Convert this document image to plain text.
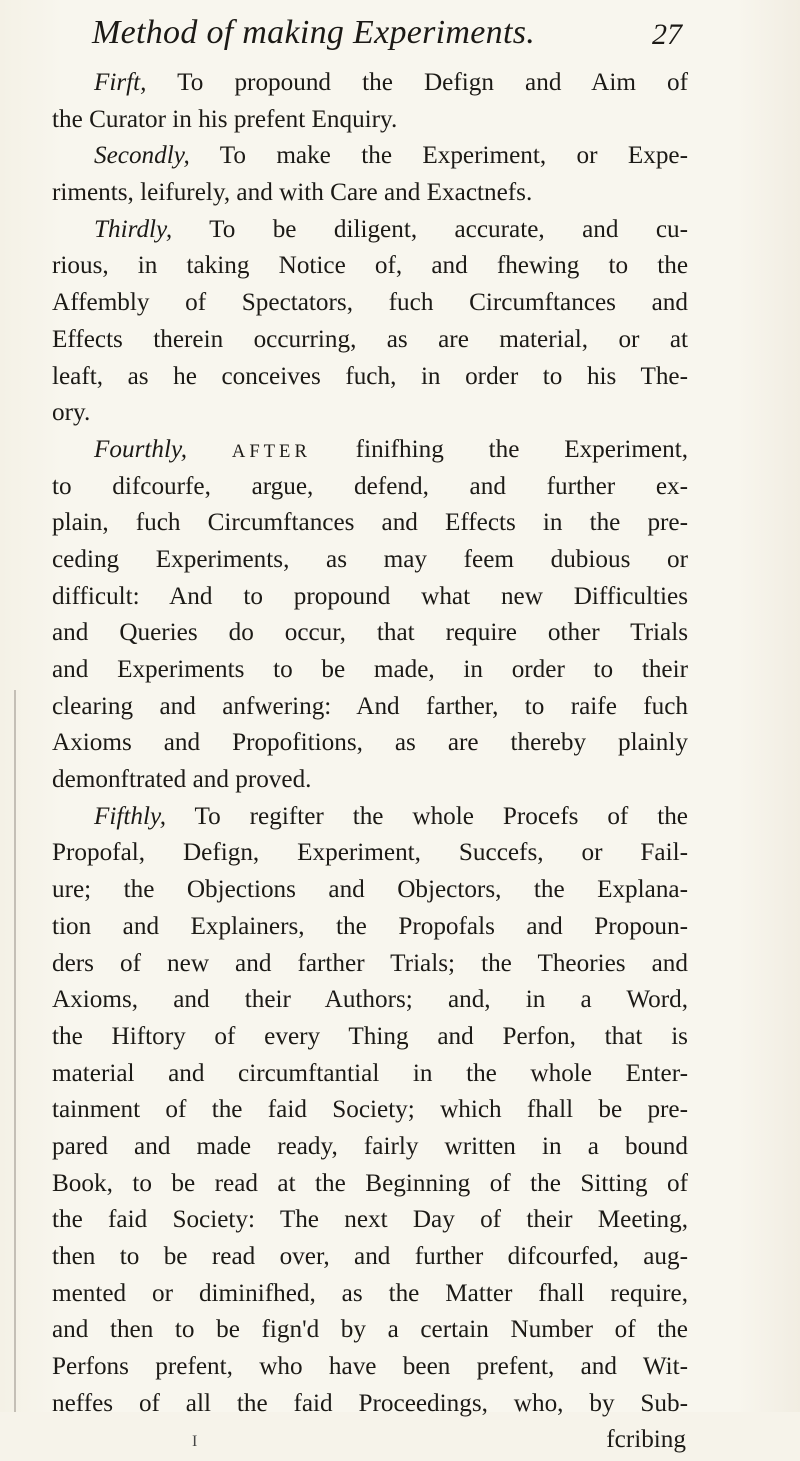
Method of making Experiments.	27
Firft, To propound the Defign and Aim of
the Curator in his prefent Enquiry.
Secondly, To make the Experiment, or Expe-
riments, leifurely, and with Care and Exactnefs.
Thirdly, To be diligent, accurate, and cu-
rious, in taking Notice of, and fhewing to the
Affembly of Spectators, fuch Circumftances and
Effects therein occurring, as are material, or at
leaft, as he conceives fuch, in order to his The-
ory.
Fourthly, AFTER finifhing the Experiment,
to difcourfe, argue, defend, and further ex-
plain, fuch Circumftances and Effects in the pre-
ceding Experiments, as may feem dubious or
difficult: And to propound what new Difficulties
and Queries do occur, that require other Trials
and Experiments to be made, in order to their
clearing and anfwering: And farther, to raife fuch
Axioms and Propofitions, as are thereby plainly
demonftrated and proved.
Fifthly, To regifter the whole Procefs of the
Propofal, Defign, Experiment, Succefs, or Fail-
ure; the Objections and Objectors, the Explana-
tion and Explainers, the Propofals and Propoun-
ders of new and farther Trials; the Theories and
Axioms, and their Authors; and, in a Word,
the Hiftory of every Thing and Perfon, that is
material and circumftantial in the whole Enter-
tainment of the faid Society; which fhall be pre-
pared and made ready, fairly written in a bound
Book, to be read at the Beginning of the Sitting of
the faid Society: The next Day of their Meeting,
then to be read over, and further difcourfed, aug-
mented or diminifhed, as the Matter fhall require,
and then to be fign'd by a certain Number of the
Perfons prefent, who have been prefent, and Wit-
neffes of all the faid Proceedings, who, by Sub-
I	fcribing
